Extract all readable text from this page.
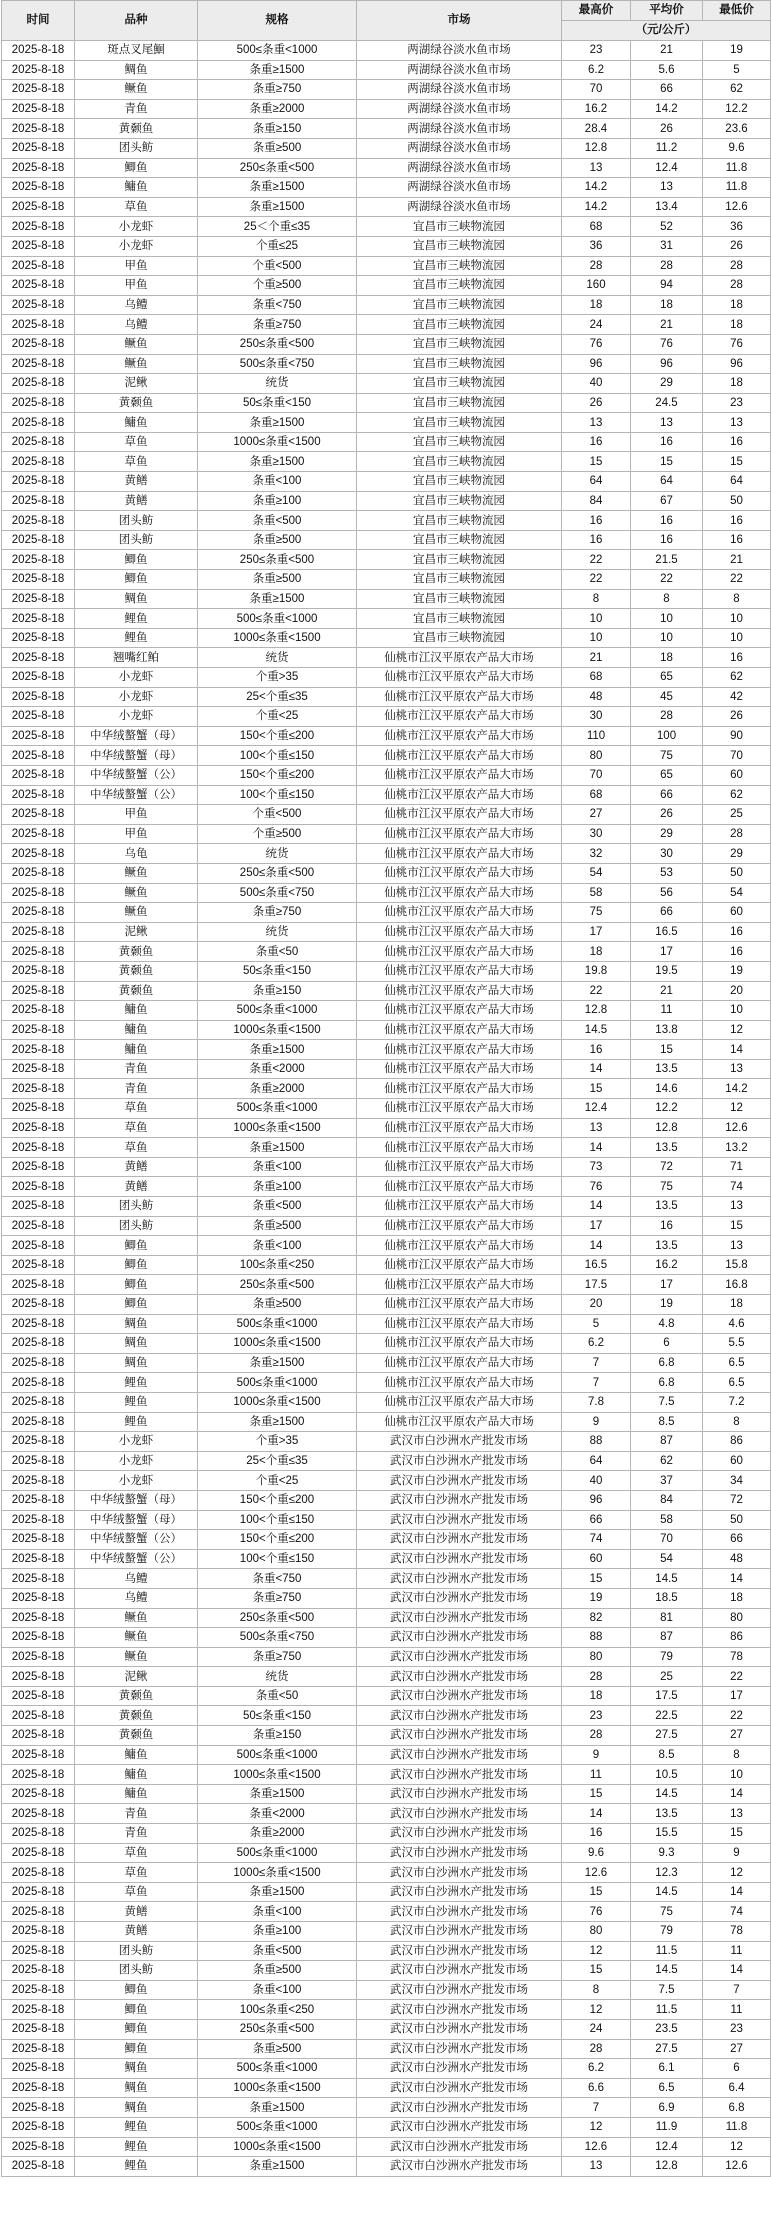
时间	品种	规格	市场	最高价	平均价	最低价
				（元/公斤）		
2025-8-18	斑点叉尾鮰	500≤条重<1000	两湖绿谷淡水鱼市场	23	21	19
2025-8-18	鲷鱼	条重≥1500	两湖绿谷淡水鱼市场	6.2	5.6	5
2025-8-18	鳜鱼	条重≥750	两湖绿谷淡水鱼市场	70	66	62
2025-8-18	青鱼	条重≥2000	两湖绿谷淡水鱼市场	16.2	14.2	12.2
2025-8-18	黄颡鱼	条重≥150	两湖绿谷淡水鱼市场	28.4	26	23.6
2025-8-18	团头鲂	条重≥500	两湖绿谷淡水鱼市场	12.8	11.2	9.6
2025-8-18	鲫鱼	250≤条重<500	两湖绿谷淡水鱼市场	13	12.4	11.8
2025-8-18	鳙鱼	条重≥1500	两湖绿谷淡水鱼市场	14.2	13	11.8
2025-8-18	草鱼	条重≥1500	两湖绿谷淡水鱼市场	14.2	13.4	12.6
2025-8-18	小龙虾	25＜个重≤35	宜昌市三峡物流园	68	52	36
2025-8-18	小龙虾	个重≤25	宜昌市三峡物流园	36	31	26
2025-8-18	甲鱼	个重<500	宜昌市三峡物流园	28	28	28
2025-8-18	甲鱼	个重≥500	宜昌市三峡物流园	160	94	28
2025-8-18	乌鳢	条重<750	宜昌市三峡物流园	18	18	18
2025-8-18	乌鳢	条重≥750	宜昌市三峡物流园	24	21	18
2025-8-18	鳜鱼	250≤条重<500	宜昌市三峡物流园	76	76	76
2025-8-18	鳜鱼	500≤条重<750	宜昌市三峡物流园	96	96	96
2025-8-18	泥鳅	统货	宜昌市三峡物流园	40	29	18
2025-8-18	黄颡鱼	50≤条重<150	宜昌市三峡物流园	26	24.5	23
2025-8-18	鳙鱼	条重≥1500	宜昌市三峡物流园	13	13	13
2025-8-18	草鱼	1000≤条重<1500	宜昌市三峡物流园	16	16	16
2025-8-18	草鱼	条重≥1500	宜昌市三峡物流园	15	15	15
2025-8-18	黄鳝	条重<100	宜昌市三峡物流园	64	64	64
2025-8-18	黄鳝	条重≥100	宜昌市三峡物流园	84	67	50
2025-8-18	团头鲂	条重<500	宜昌市三峡物流园	16	16	16
2025-8-18	团头鲂	条重≥500	宜昌市三峡物流园	16	16	16
2025-8-18	鲫鱼	250≤条重<500	宜昌市三峡物流园	22	21.5	21
2025-8-18	鲫鱼	条重≥500	宜昌市三峡物流园	22	22	22
2025-8-18	鲷鱼	条重≥1500	宜昌市三峡物流园	8	8	8
2025-8-18	鲤鱼	500≤条重<1000	宜昌市三峡物流园	10	10	10
2025-8-18	鲤鱼	1000≤条重<1500	宜昌市三峡物流园	10	10	10
2025-8-18	翘嘴红鲌	统货	仙桃市江汉平原农产品大市场	21	18	16
2025-8-18	小龙虾	个重>35	仙桃市江汉平原农产品大市场	68	65	62
2025-8-18	小龙虾	25<个重≤35	仙桃市江汉平原农产品大市场	48	45	42
2025-8-18	小龙虾	个重<25	仙桃市江汉平原农产品大市场	30	28	26
2025-8-18	中华绒螯蟹（母）	150<个重≤200	仙桃市江汉平原农产品大市场	110	100	90
2025-8-18	中华绒螯蟹（母）	100<个重≤150	仙桃市江汉平原农产品大市场	80	75	70
2025-8-18	中华绒螯蟹（公）	150<个重≤200	仙桃市江汉平原农产品大市场	70	65	60
2025-8-18	中华绒螯蟹（公）	100<个重≤150	仙桃市江汉平原农产品大市场	68	66	62
2025-8-18	甲鱼	个重<500	仙桃市江汉平原农产品大市场	27	26	25
2025-8-18	甲鱼	个重≥500	仙桃市江汉平原农产品大市场	30	29	28
2025-8-18	乌龟	统货	仙桃市江汉平原农产品大市场	32	30	29
2025-8-18	鳜鱼	250≤条重<500	仙桃市江汉平原农产品大市场	54	53	50
2025-8-18	鳜鱼	500≤条重<750	仙桃市江汉平原农产品大市场	58	56	54
2025-8-18	鳜鱼	条重≥750	仙桃市江汉平原农产品大市场	75	66	60
2025-8-18	泥鳅	统货	仙桃市江汉平原农产品大市场	17	16.5	16
2025-8-18	黄颡鱼	条重<50	仙桃市江汉平原农产品大市场	18	17	16
2025-8-18	黄颡鱼	50≤条重<150	仙桃市江汉平原农产品大市场	19.8	19.5	19
2025-8-18	黄颡鱼	条重≥150	仙桃市江汉平原农产品大市场	22	21	20
2025-8-18	鳙鱼	500≤条重<1000	仙桃市江汉平原农产品大市场	12.8	11	10
2025-8-18	鳙鱼	1000≤条重<1500	仙桃市江汉平原农产品大市场	14.5	13.8	12
2025-8-18	鳙鱼	条重≥1500	仙桃市江汉平原农产品大市场	16	15	14
2025-8-18	青鱼	条重<2000	仙桃市江汉平原农产品大市场	14	13.5	13
2025-8-18	青鱼	条重≥2000	仙桃市江汉平原农产品大市场	15	14.6	14.2
2025-8-18	草鱼	500≤条重<1000	仙桃市江汉平原农产品大市场	12.4	12.2	12
2025-8-18	草鱼	1000≤条重<1500	仙桃市江汉平原农产品大市场	13	12.8	12.6
2025-8-18	草鱼	条重≥1500	仙桃市江汉平原农产品大市场	14	13.5	13.2
2025-8-18	黄鳝	条重<100	仙桃市江汉平原农产品大市场	73	72	71
2025-8-18	黄鳝	条重≥100	仙桃市江汉平原农产品大市场	76	75	74
2025-8-18	团头鲂	条重<500	仙桃市江汉平原农产品大市场	14	13.5	13
2025-8-18	团头鲂	条重≥500	仙桃市江汉平原农产品大市场	17	16	15
2025-8-18	鲫鱼	条重<100	仙桃市江汉平原农产品大市场	14	13.5	13
2025-8-18	鲫鱼	100≤条重<250	仙桃市江汉平原农产品大市场	16.5	16.2	15.8
2025-8-18	鲫鱼	250≤条重<500	仙桃市江汉平原农产品大市场	17.5	17	16.8
2025-8-18	鲫鱼	条重≥500	仙桃市江汉平原农产品大市场	20	19	18
2025-8-18	鲷鱼	500≤条重<1000	仙桃市江汉平原农产品大市场	5	4.8	4.6
2025-8-18	鲷鱼	1000≤条重<1500	仙桃市江汉平原农产品大市场	6.2	6	5.5
2025-8-18	鲷鱼	条重≥1500	仙桃市江汉平原农产品大市场	7	6.8	6.5
2025-8-18	鲤鱼	500≤条重<1000	仙桃市江汉平原农产品大市场	7	6.8	6.5
2025-8-18	鲤鱼	1000≤条重<1500	仙桃市江汉平原农产品大市场	7.8	7.5	7.2
2025-8-18	鲤鱼	条重≥1500	仙桃市江汉平原农产品大市场	9	8.5	8
2025-8-18	小龙虾	个重>35	武汉市白沙洲水产批发市场	88	87	86
2025-8-18	小龙虾	25<个重≤35	武汉市白沙洲水产批发市场	64	62	60
2025-8-18	小龙虾	个重<25	武汉市白沙洲水产批发市场	40	37	34
2025-8-18	中华绒螯蟹（母）	150<个重≤200	武汉市白沙洲水产批发市场	96	84	72
2025-8-18	中华绒螯蟹（母）	100<个重≤150	武汉市白沙洲水产批发市场	66	58	50
2025-8-18	中华绒螯蟹（公）	150<个重≤200	武汉市白沙洲水产批发市场	74	70	66
2025-8-18	中华绒螯蟹（公）	100<个重≤150	武汉市白沙洲水产批发市场	60	54	48
2025-8-18	乌鳢	条重<750	武汉市白沙洲水产批发市场	15	14.5	14
2025-8-18	乌鳢	条重≥750	武汉市白沙洲水产批发市场	19	18.5	18
2025-8-18	鳜鱼	250≤条重<500	武汉市白沙洲水产批发市场	82	81	80
2025-8-18	鳜鱼	500≤条重<750	武汉市白沙洲水产批发市场	88	87	86
2025-8-18	鳜鱼	条重≥750	武汉市白沙洲水产批发市场	80	79	78
2025-8-18	泥鳅	统货	武汉市白沙洲水产批发市场	28	25	22
2025-8-18	黄颡鱼	条重<50	武汉市白沙洲水产批发市场	18	17.5	17
2025-8-18	黄颡鱼	50≤条重<150	武汉市白沙洲水产批发市场	23	22.5	22
2025-8-18	黄颡鱼	条重≥150	武汉市白沙洲水产批发市场	28	27.5	27
2025-8-18	鳙鱼	500≤条重<1000	武汉市白沙洲水产批发市场	9	8.5	8
2025-8-18	鳙鱼	1000≤条重<1500	武汉市白沙洲水产批发市场	11	10.5	10
2025-8-18	鳙鱼	条重≥1500	武汉市白沙洲水产批发市场	15	14.5	14
2025-8-18	青鱼	条重<2000	武汉市白沙洲水产批发市场	14	13.5	13
2025-8-18	青鱼	条重≥2000	武汉市白沙洲水产批发市场	16	15.5	15
2025-8-18	草鱼	500≤条重<1000	武汉市白沙洲水产批发市场	9.6	9.3	9
2025-8-18	草鱼	1000≤条重<1500	武汉市白沙洲水产批发市场	12.6	12.3	12
2025-8-18	草鱼	条重≥1500	武汉市白沙洲水产批发市场	15	14.5	14
2025-8-18	黄鳝	条重<100	武汉市白沙洲水产批发市场	76	75	74
2025-8-18	黄鳝	条重≥100	武汉市白沙洲水产批发市场	80	79	78
2025-8-18	团头鲂	条重<500	武汉市白沙洲水产批发市场	12	11.5	11
2025-8-18	团头鲂	条重≥500	武汉市白沙洲水产批发市场	15	14.5	14
2025-8-18	鲫鱼	条重<100	武汉市白沙洲水产批发市场	8	7.5	7
2025-8-18	鲫鱼	100≤条重<250	武汉市白沙洲水产批发市场	12	11.5	11
2025-8-18	鲫鱼	250≤条重<500	武汉市白沙洲水产批发市场	24	23.5	23
2025-8-18	鲫鱼	条重≥500	武汉市白沙洲水产批发市场	28	27.5	27
2025-8-18	鲷鱼	500≤条重<1000	武汉市白沙洲水产批发市场	6.2	6.1	6
2025-8-18	鲷鱼	1000≤条重<1500	武汉市白沙洲水产批发市场	6.6	6.5	6.4
2025-8-18	鲷鱼	条重≥1500	武汉市白沙洲水产批发市场	7	6.9	6.8
2025-8-18	鲤鱼	500≤条重<1000	武汉市白沙洲水产批发市场	12	11.9	11.8
2025-8-18	鲤鱼	1000≤条重<1500	武汉市白沙洲水产批发市场	12.6	12.4	12
2025-8-18	鲤鱼	条重≥1500	武汉市白沙洲水产批发市场	13	12.8	12.6
